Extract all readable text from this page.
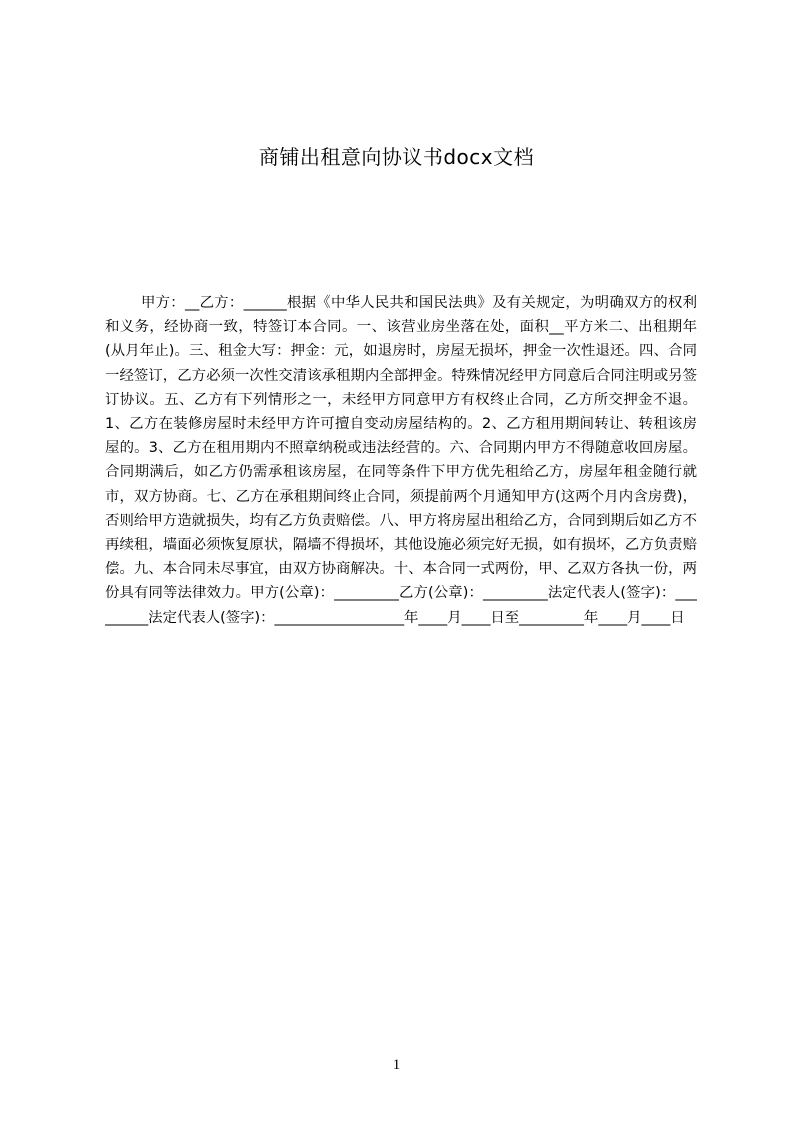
商铺出租意向协议书docx文档

甲方：__乙方：______根据《中华人民共和国民法典》及有关规定，为明确双方的权利和义务，经协商一致，特签订本合同。一、该营业房坐落在处，面积__平方米二、出租期年(从月年止)。三、租金大写：押金：元，如退房时，房屋无损坏，押金一次性退还。四、合同一经签订，乙方必须一次性交清该承租期内全部押金。特殊情况经甲方同意后合同注明或另签订协议。五、乙方有下列情形之一，未经甲方同意甲方有权终止合同，乙方所交押金不退。1、乙方在装修房屋时未经甲方许可擅自变动房屋结构的。2、乙方租用期间转让、转租该房屋的。3、乙方在租用期内不照章纳税或违法经营的。六、合同期内甲方不得随意收回房屋。合同期满后，如乙方仍需承租该房屋，在同等条件下甲方优先租给乙方，房屋年租金随行就市，双方协商。七、乙方在承租期间终止合同，须提前两个月通知甲方(这两个月内含房费)，否则给甲方造就损失，均有乙方负责赔偿。八、甲方将房屋出租给乙方，合同到期后如乙方不再续租，墙面必须恢复原状，隔墙不得损坏，其他设施必须完好无损，如有损坏，乙方负责赔偿。九、本合同未尽事宜，由双方协商解决。十、本合同一式两份，甲、乙双方各执一份，两份具有同等法律效力。甲方(公章)：_________乙方(公章)：_________法定代表人(签字)：_________法定代表人(签字)：__________________年____月____日至_________年____月____日

1
